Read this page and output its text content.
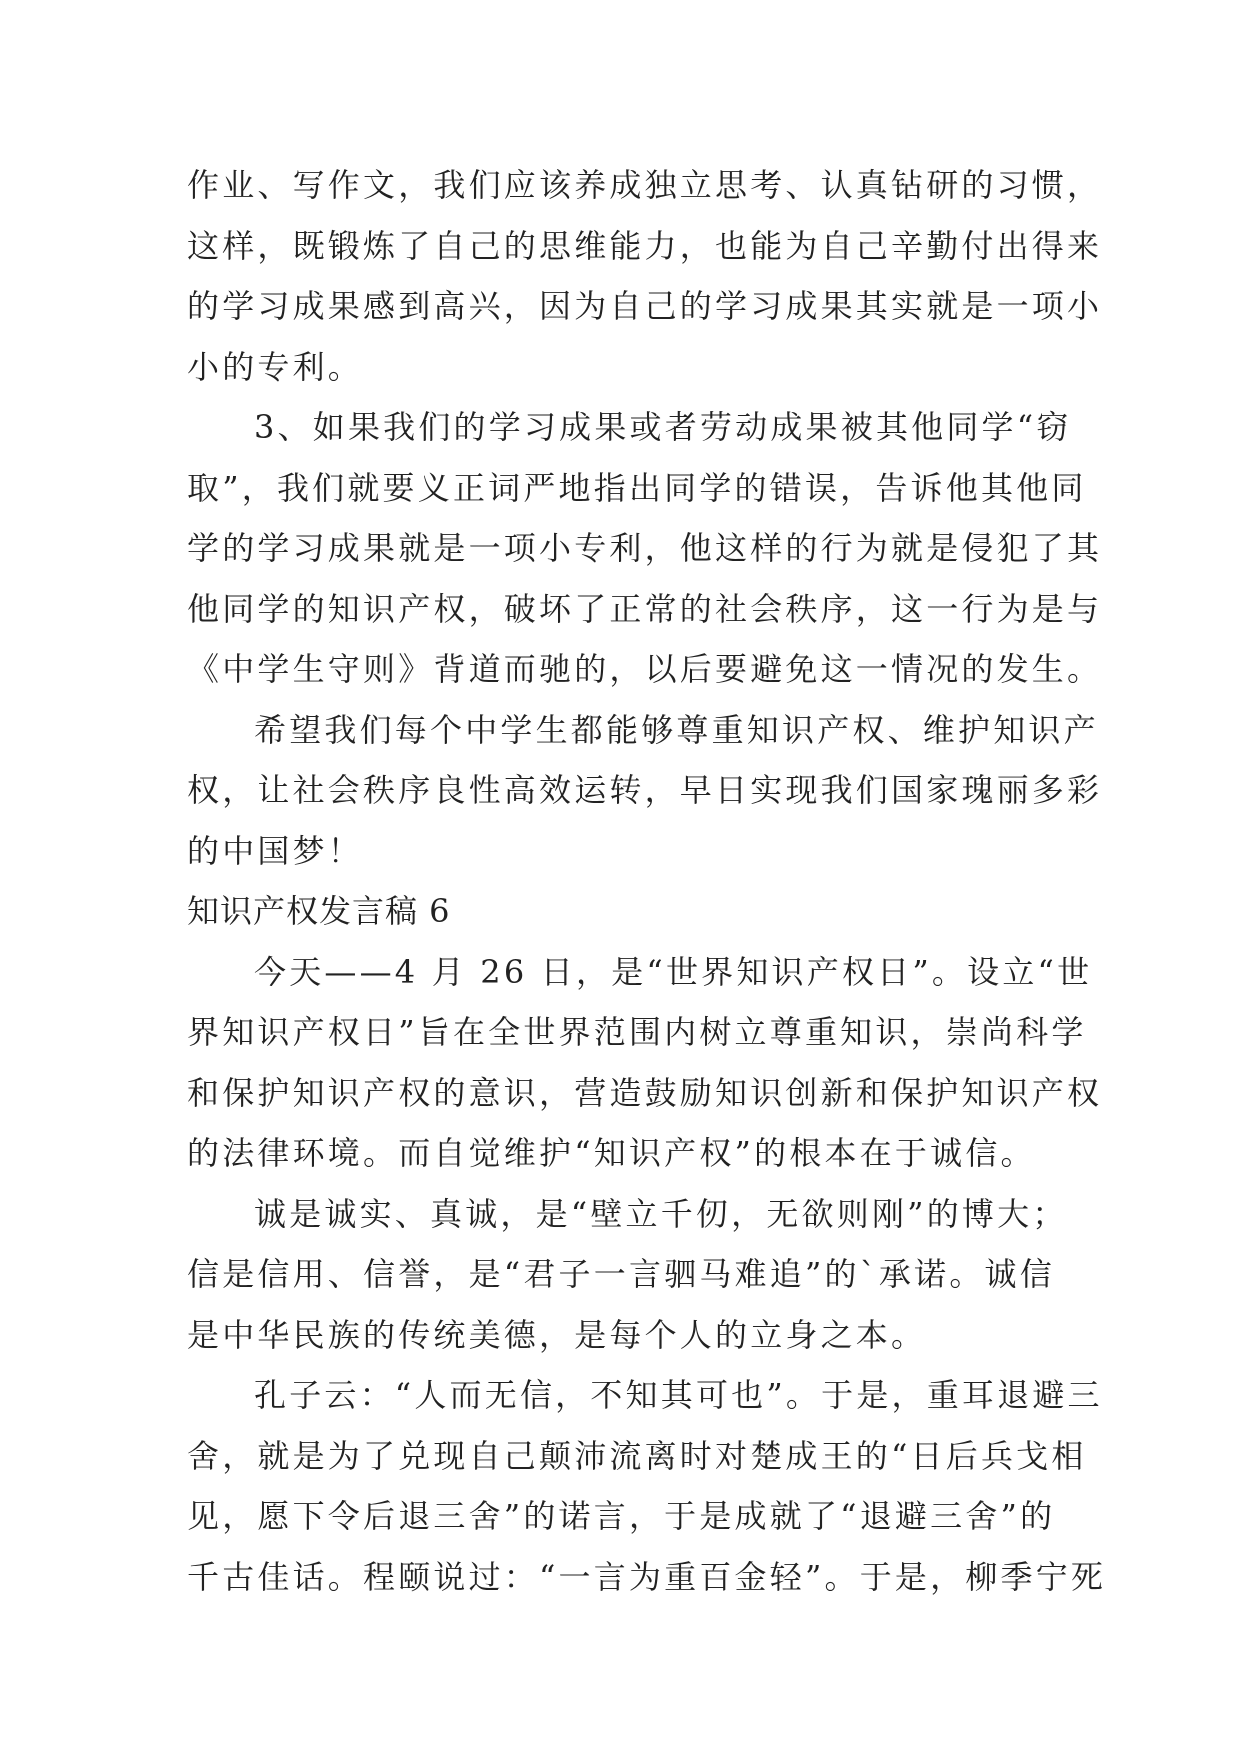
作业、写作文，我们应该养成独立思考、认真钻研的习惯，
这样，既锻炼了自己的思维能力，也能为自己辛勤付出得来
的学习成果感到高兴，因为自己的学习成果其实就是一项小
小的专利。
3、如果我们的学习成果或者劳动成果被其他同学“窃
取”，我们就要义正词严地指出同学的错误，告诉他其他同
学的学习成果就是一项小专利，他这样的行为就是侵犯了其
他同学的知识产权，破坏了正常的社会秩序，这一行为是与
《中学生守则》背道而驰的，以后要避免这一情况的发生。
希望我们每个中学生都能够尊重知识产权、维护知识产
权，让社会秩序良性高效运转，早日实现我们国家瑰丽多彩
的中国梦！
知识产权发言稿 6
今天——4 月 26 日，是“世界知识产权日”。设立“世
界知识产权日”旨在全世界范围内树立尊重知识，崇尚科学
和保护知识产权的意识，营造鼓励知识创新和保护知识产权
的法律环境。而自觉维护“知识产权”的根本在于诚信。
诚是诚实、真诚，是“壁立千仞，无欲则刚”的博大；
信是信用、信誉，是“君子一言驷马难追”的`承诺。诚信
是中华民族的传统美德，是每个人的立身之本。
孔子云：“人而无信，不知其可也”。于是，重耳退避三
舍，就是为了兑现自己颠沛流离时对楚成王的“日后兵戈相
见，愿下令后退三舍”的诺言，于是成就了“退避三舍”的
千古佳话。程颐说过：“一言为重百金轻”。于是，柳季宁死
